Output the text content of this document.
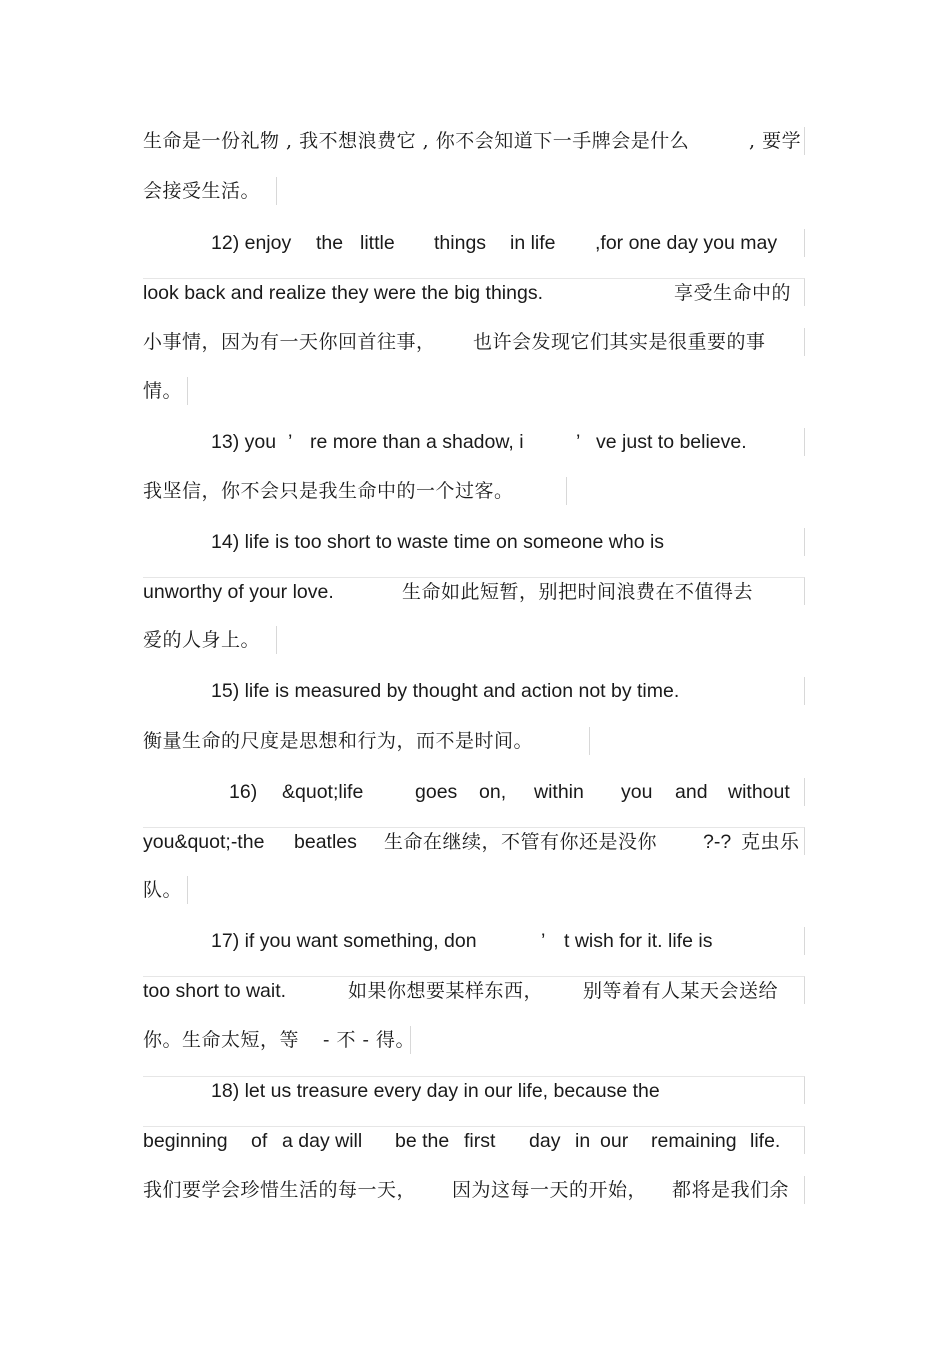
生命是一份礼物 , 我不想浪费它 , 你不会知道下一手牌会是什么	, 要学
会接受生活。
12) enjoy the little things in life ,for one day you may
look back and realize they were the big things.	享受生命中的
小事情，因为有一天你回首往事， 也许会发现它们其实是很重要的事
情。
13) you ’ re more than a shadow, i	’ ve just to believe.
我坚信，你不会只是我生命中的一个过客。
14) life is too short to waste time on someone who is
unworthy of your love.	生命如此短暂，别把时间浪费在不值得去
爱的人身上。
15) life is measured by thought and action not by time.
衡量生命的尺度是思想和行为，而不是时间。
16) &quot;life	goes on, within you and without
you&quot;-the beatles 生命在继续，不管有你还是没你 ?-? 克虫乐
队。
17) if you want something, don	’ t wish for it. life is
too short to wait.	如果你想要某样东西， 别等着有人某天会送给
你。生命太短，等 - 不 - 得。
18) let us treasure every day in our life, because the
beginning of a day will be the first day in our remaining life.
我们要学会珍惜生活的每一天， 因为这每一天的开始， 都将是我们余
